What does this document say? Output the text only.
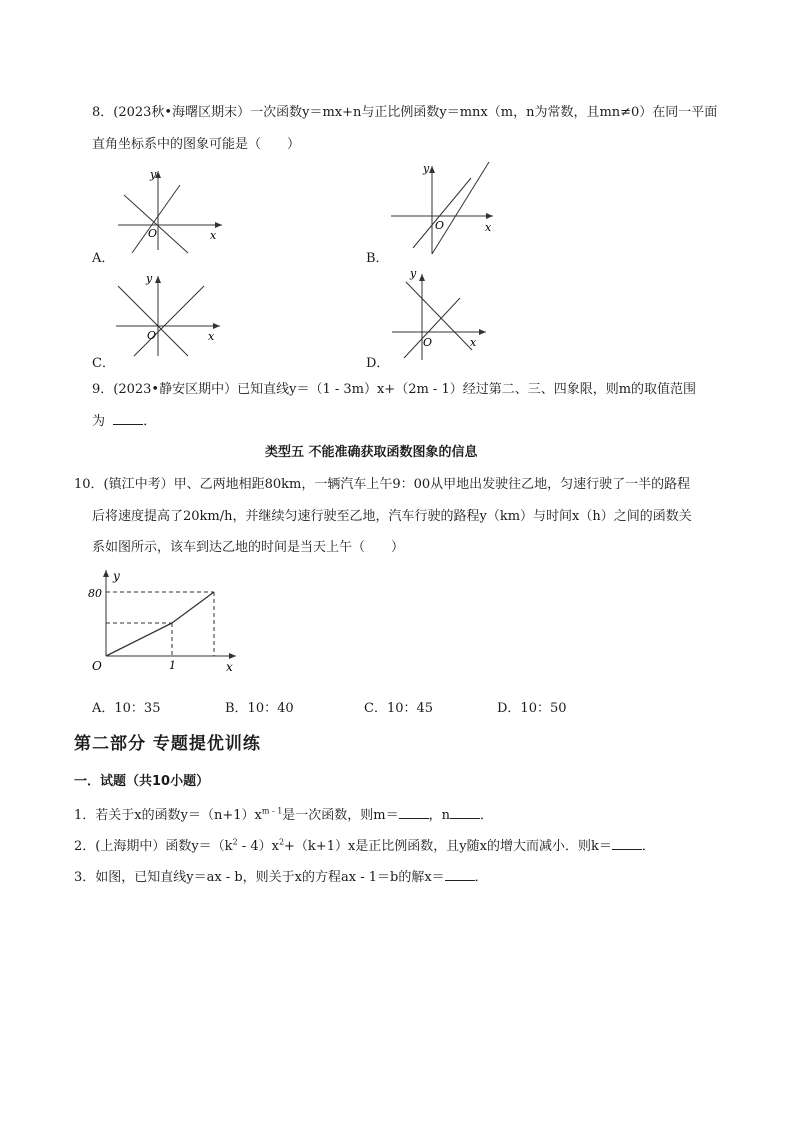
8．(2023秋•海曙区期末）一次函数y＝mx+n与正比例函数y＝mnx（m，n为常数，且mn≠0）在同一平面
直角坐标系中的图象可能是（　　）
x
y
O
A．
x
y
O
B．
x
y
O
C．
x
y
O
D．
9．(2023•静安区期中）已知直线y＝（1 - 3m）x+（2m - 1）经过第二、三、四象限，则m的取值范围
为	．
类型五 不能准确获取函数图象的信息
10．(镇江中考）甲、乙两地相距80km，一辆汽车上午9：00从甲地出发驶往乙地，匀速行驶了一半的路程
后将速度提高了20km/h，并继续匀速行驶至乙地，汽车行驶的路程y（km）与时间x（h）之间的函数关
系如图所示，该车到达乙地的时间是当天上午（　　）
80
1	x
y
O
A．10：35	B．10：40	C．10：45	D．10：50
第二部分 专题提优训练
一．试题（共10小题）
1．若关于x的函数$y=(n+1)x^{m - 1}$是一次函数，则m＝ ，n ．
2．(上海期中）函数$y=(k^2 - 4)x^2+(k+1)x$是正比例函数，且y随x的增大而减小．则k＝ ．
3．如图，已知直线y＝ax - b，则关于x的方程ax - 1＝b的解x＝ ．
